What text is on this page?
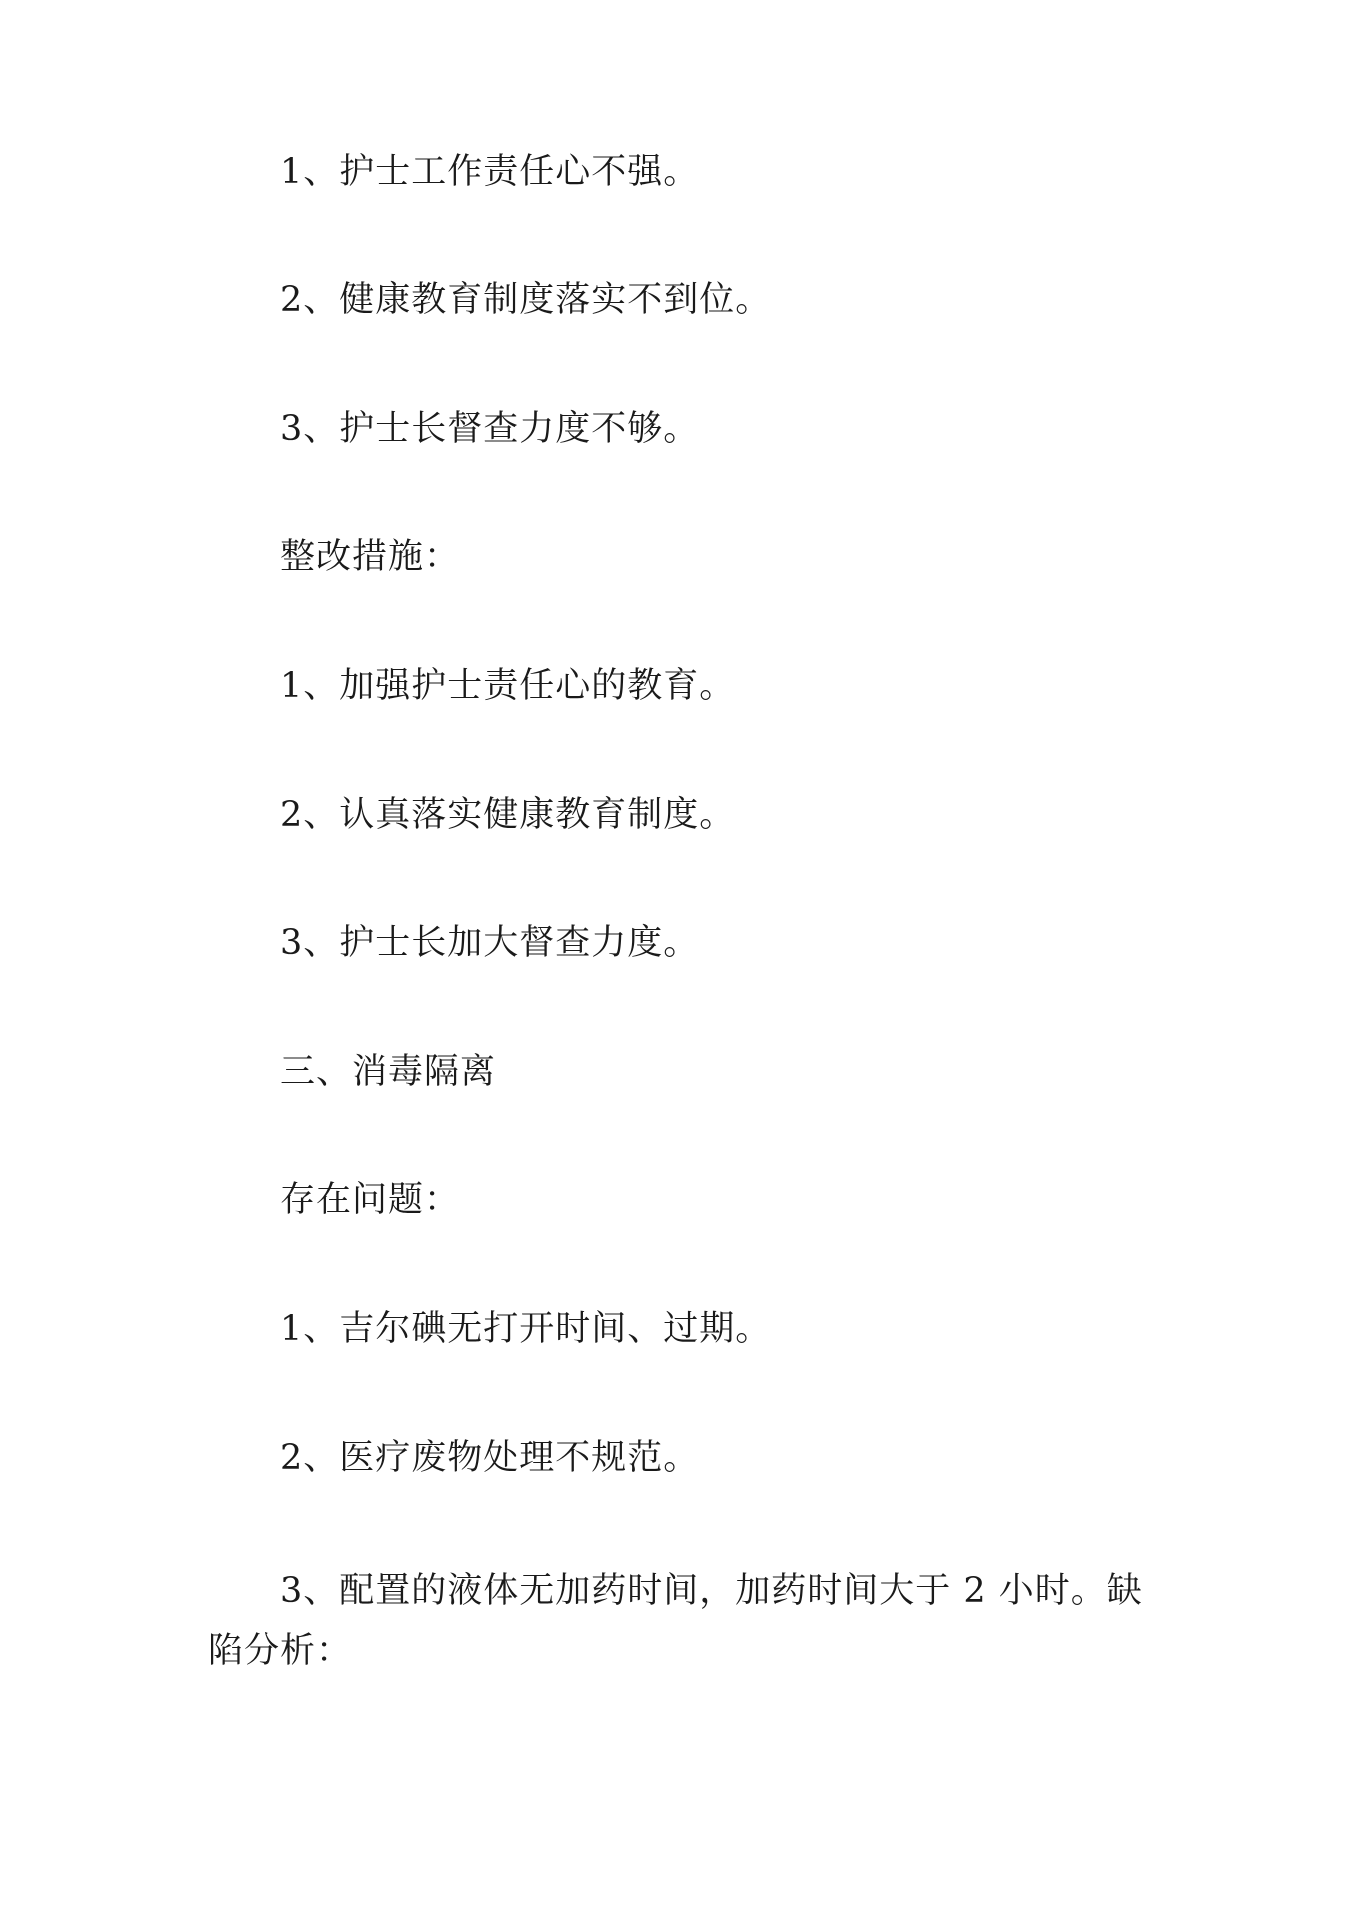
1、护士工作责任心不强。
2、健康教育制度落实不到位。
3、护士长督查力度不够。
整改措施：
1、加强护士责任心的教育。
2、认真落实健康教育制度。
3、护士长加大督查力度。
三、消毒隔离
存在问题：
1、吉尔碘无打开时间、过期。
2、医疗废物处理不规范。
3、配置的液体无加药时间，加药时间大于 2 小时。缺陷分析：
